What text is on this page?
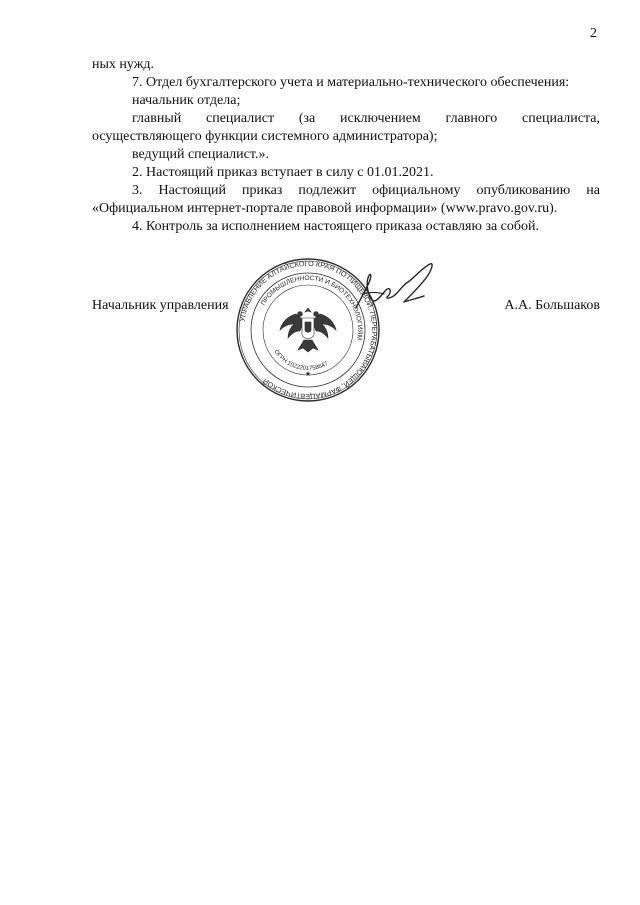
2

ных нужд.

7. Отдел бухгалтерского учета и материально-технического обеспечения:

начальник отдела;

главный специалист (за исключением главного специалиста, осуществляющего функции системного администратора);

ведущий специалист.».

2. Настоящий приказ вступает в силу с 01.01.2021.

3. Настоящий приказ подлежит официальному опубликованию на «Официальном интернет-портале правовой информации» (www.pravo.gov.ru).

4. Контроль за исполнением настоящего приказа оставляю за собой.

Начальник управления	А.А. Большаков
УПРАВЛЕНИЕ АЛТАЙСКОГО КРАЯ ПО ПИЩЕВОЙ, ПЕРЕРАБАТЫВАЮЩЕЙ, ФАРМАЦЕВТИЧЕСКОЙ
ПРОМЫШЛЕННОСТИ И БИОТЕХНОЛОГИЯМ
ОГРН 1022201758647
★
